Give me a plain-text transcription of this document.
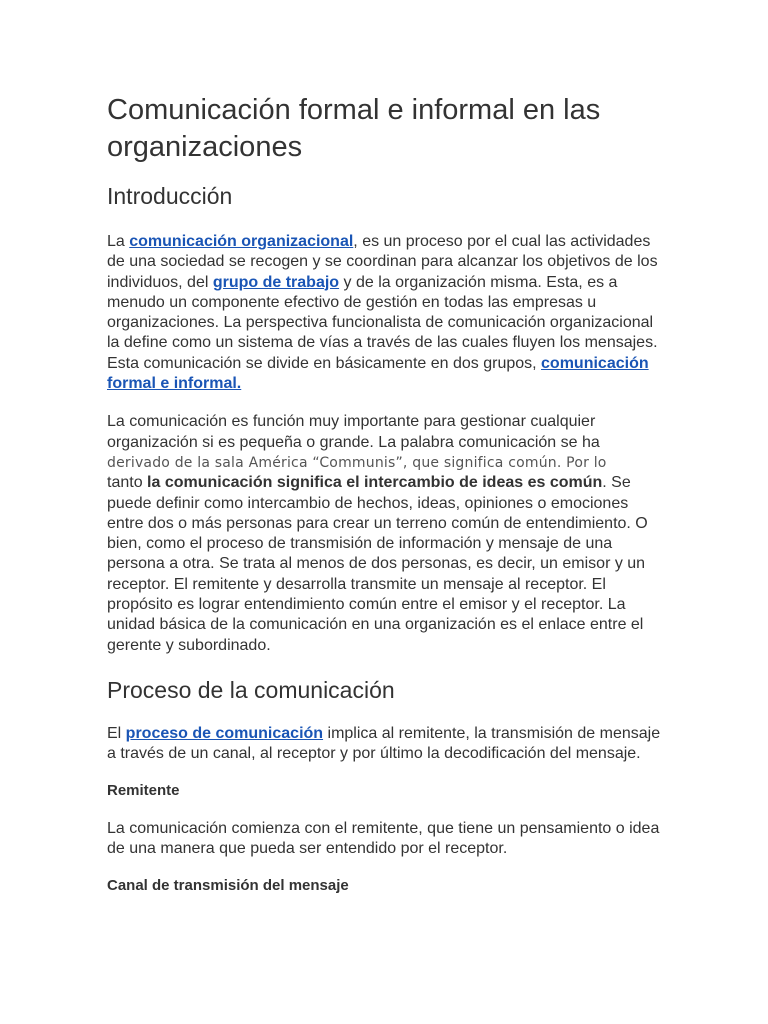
Comunicación formal e informal en las organizaciones
Introducción

La comunicación organizacional, es un proceso por el cual las actividades de una sociedad se recogen y se coordinan para alcanzar los objetivos de los individuos, del grupo de trabajo y de la organización misma. Esta, es a menudo un componente efectivo de gestión en todas las empresas u organizaciones. La perspectiva funcionalista de comunicación organizacional la define como un sistema de vías a través de las cuales fluyen los mensajes. Esta comunicación se divide en básicamente en dos grupos, comunicación formal e informal.

La comunicación es función muy importante para gestionar cualquier organización si es pequeña o grande. La palabra comunicación se ha derivado de la sala América “Communis”, que significa común. Por lo
tanto la comunicación significa el intercambio de ideas es común. Se puede definir como intercambio de hechos, ideas, opiniones o emociones entre dos o más personas para crear un terreno común de entendimiento. O bien, como el proceso de transmisión de información y mensaje de una persona a otra. Se trata al menos de dos personas, es decir, un emisor y un receptor. El remitente y desarrolla transmite un mensaje al receptor. El propósito es lograr entendimiento común entre el emisor y el receptor. La unidad básica de la comunicación en una organización es el enlace entre el gerente y subordinado.

Proceso de la comunicación

El proceso de comunicación implica al remitente, la transmisión de mensaje a través de un canal, al receptor y por último la decodificación del mensaje.

Remitente

La comunicación comienza con el remitente, que tiene un pensamiento o idea de una manera que pueda ser entendido por el receptor.

Canal de transmisión del mensaje
